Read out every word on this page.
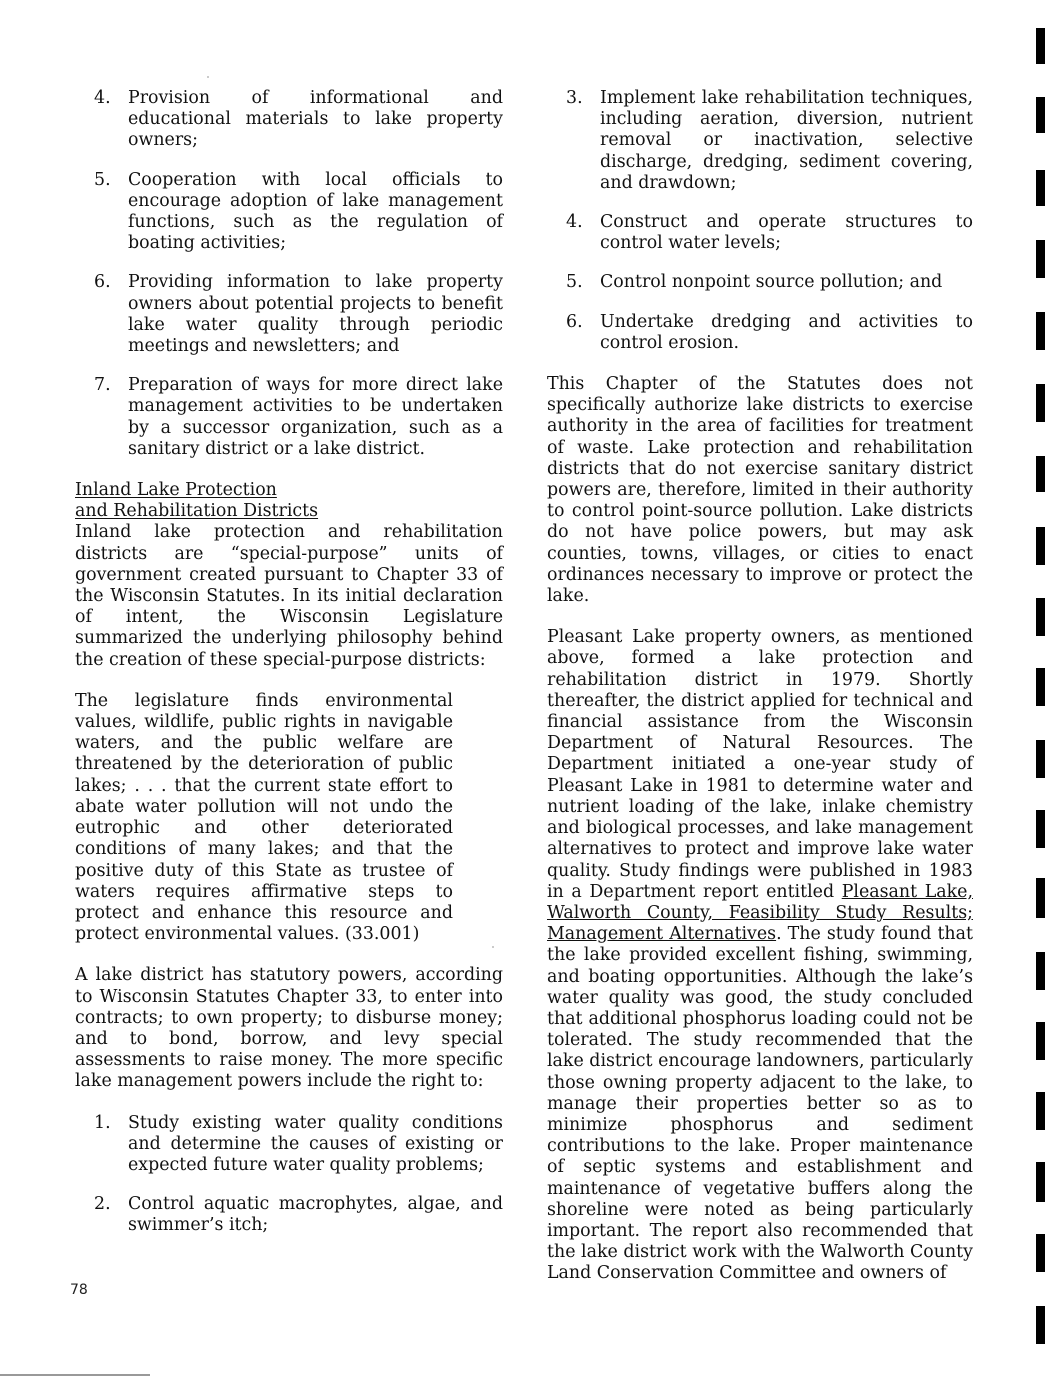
4. Provision of informational and educational materials to lake property owners;
5. Cooperation with local officials to encourage adoption of lake management functions, such as the regulation of boating activities;
6. Providing information to lake property owners about potential projects to benefit lake water quality through periodic meetings and newsletters; and
7. Preparation of ways for more direct lake management activities to be undertaken by a successor organization, such as a sanitary district or a lake district.

Inland Lake Protection
and Rehabilitation Districts

Inland lake protection and rehabilitation districts are “special-purpose” units of government created pursuant to Chapter 33 of the Wisconsin Statutes. In its initial declaration of intent, the Wisconsin Legislature summarized the underlying philosophy behind the creation of these special-purpose districts:

The legislature finds environmental values, wildlife, public rights in navigable waters, and the public welfare are threatened by the deterioration of public lakes; . . . that the current state effort to abate water pollution will not undo the eutrophic and other deteriorated conditions of many lakes; and that the positive duty of this State as trustee of waters requires affirmative steps to protect and enhance this resource and protect environmental values. (33.001)

A lake district has statutory powers, according to Wisconsin Statutes Chapter 33, to enter into contracts; to own property; to disburse money; and to bond, borrow, and levy special assessments to raise money. The more specific lake management powers include the right to:

1. Study existing water quality conditions and determine the causes of existing or expected future water quality problems;
2. Control aquatic macrophytes, algae, and swimmer’s itch;
3. Implement lake rehabilitation techniques, including aeration, diversion, nutrient removal or inactivation, selective discharge, dredging, sediment covering, and drawdown;
4. Construct and operate structures to control water levels;
5. Control nonpoint source pollution; and
6. Undertake dredging and activities to control erosion.

This Chapter of the Statutes does not specifically authorize lake districts to exercise authority in the area of facilities for treatment of waste. Lake protection and rehabilitation districts that do not exercise sanitary district powers are, therefore, limited in their authority to control point-source pollution. Lake districts do not have police powers, but may ask counties, towns, villages, or cities to enact ordinances necessary to improve or protect the lake.

Pleasant Lake property owners, as mentioned above, formed a lake protection and rehabilitation district in 1979. Shortly thereafter, the district applied for technical and financial assistance from the Wisconsin Department of Natural Resources. The Department initiated a one-year study of Pleasant Lake in 1981 to determine water and nutrient loading of the lake, inlake chemistry and biological processes, and lake management alternatives to protect and improve lake water quality. Study findings were published in 1983 in a Department report entitled Pleasant Lake, Walworth County, Feasibility Study Results; Management Alternatives. The study found that the lake provided excellent fishing, swimming, and boating opportunities. Although the lake’s water quality was good, the study concluded that additional phosphorus loading could not be tolerated. The study recommended that the lake district encourage landowners, particularly those owning property adjacent to the lake, to manage their properties better so as to minimize phosphorus and sediment contributions to the lake. Proper maintenance of septic systems and establishment and maintenance of vegetative buffers along the shoreline were noted as being particularly important. The report also recommended that the lake district work with the Walworth County Land Conservation Committee and owners of

78
